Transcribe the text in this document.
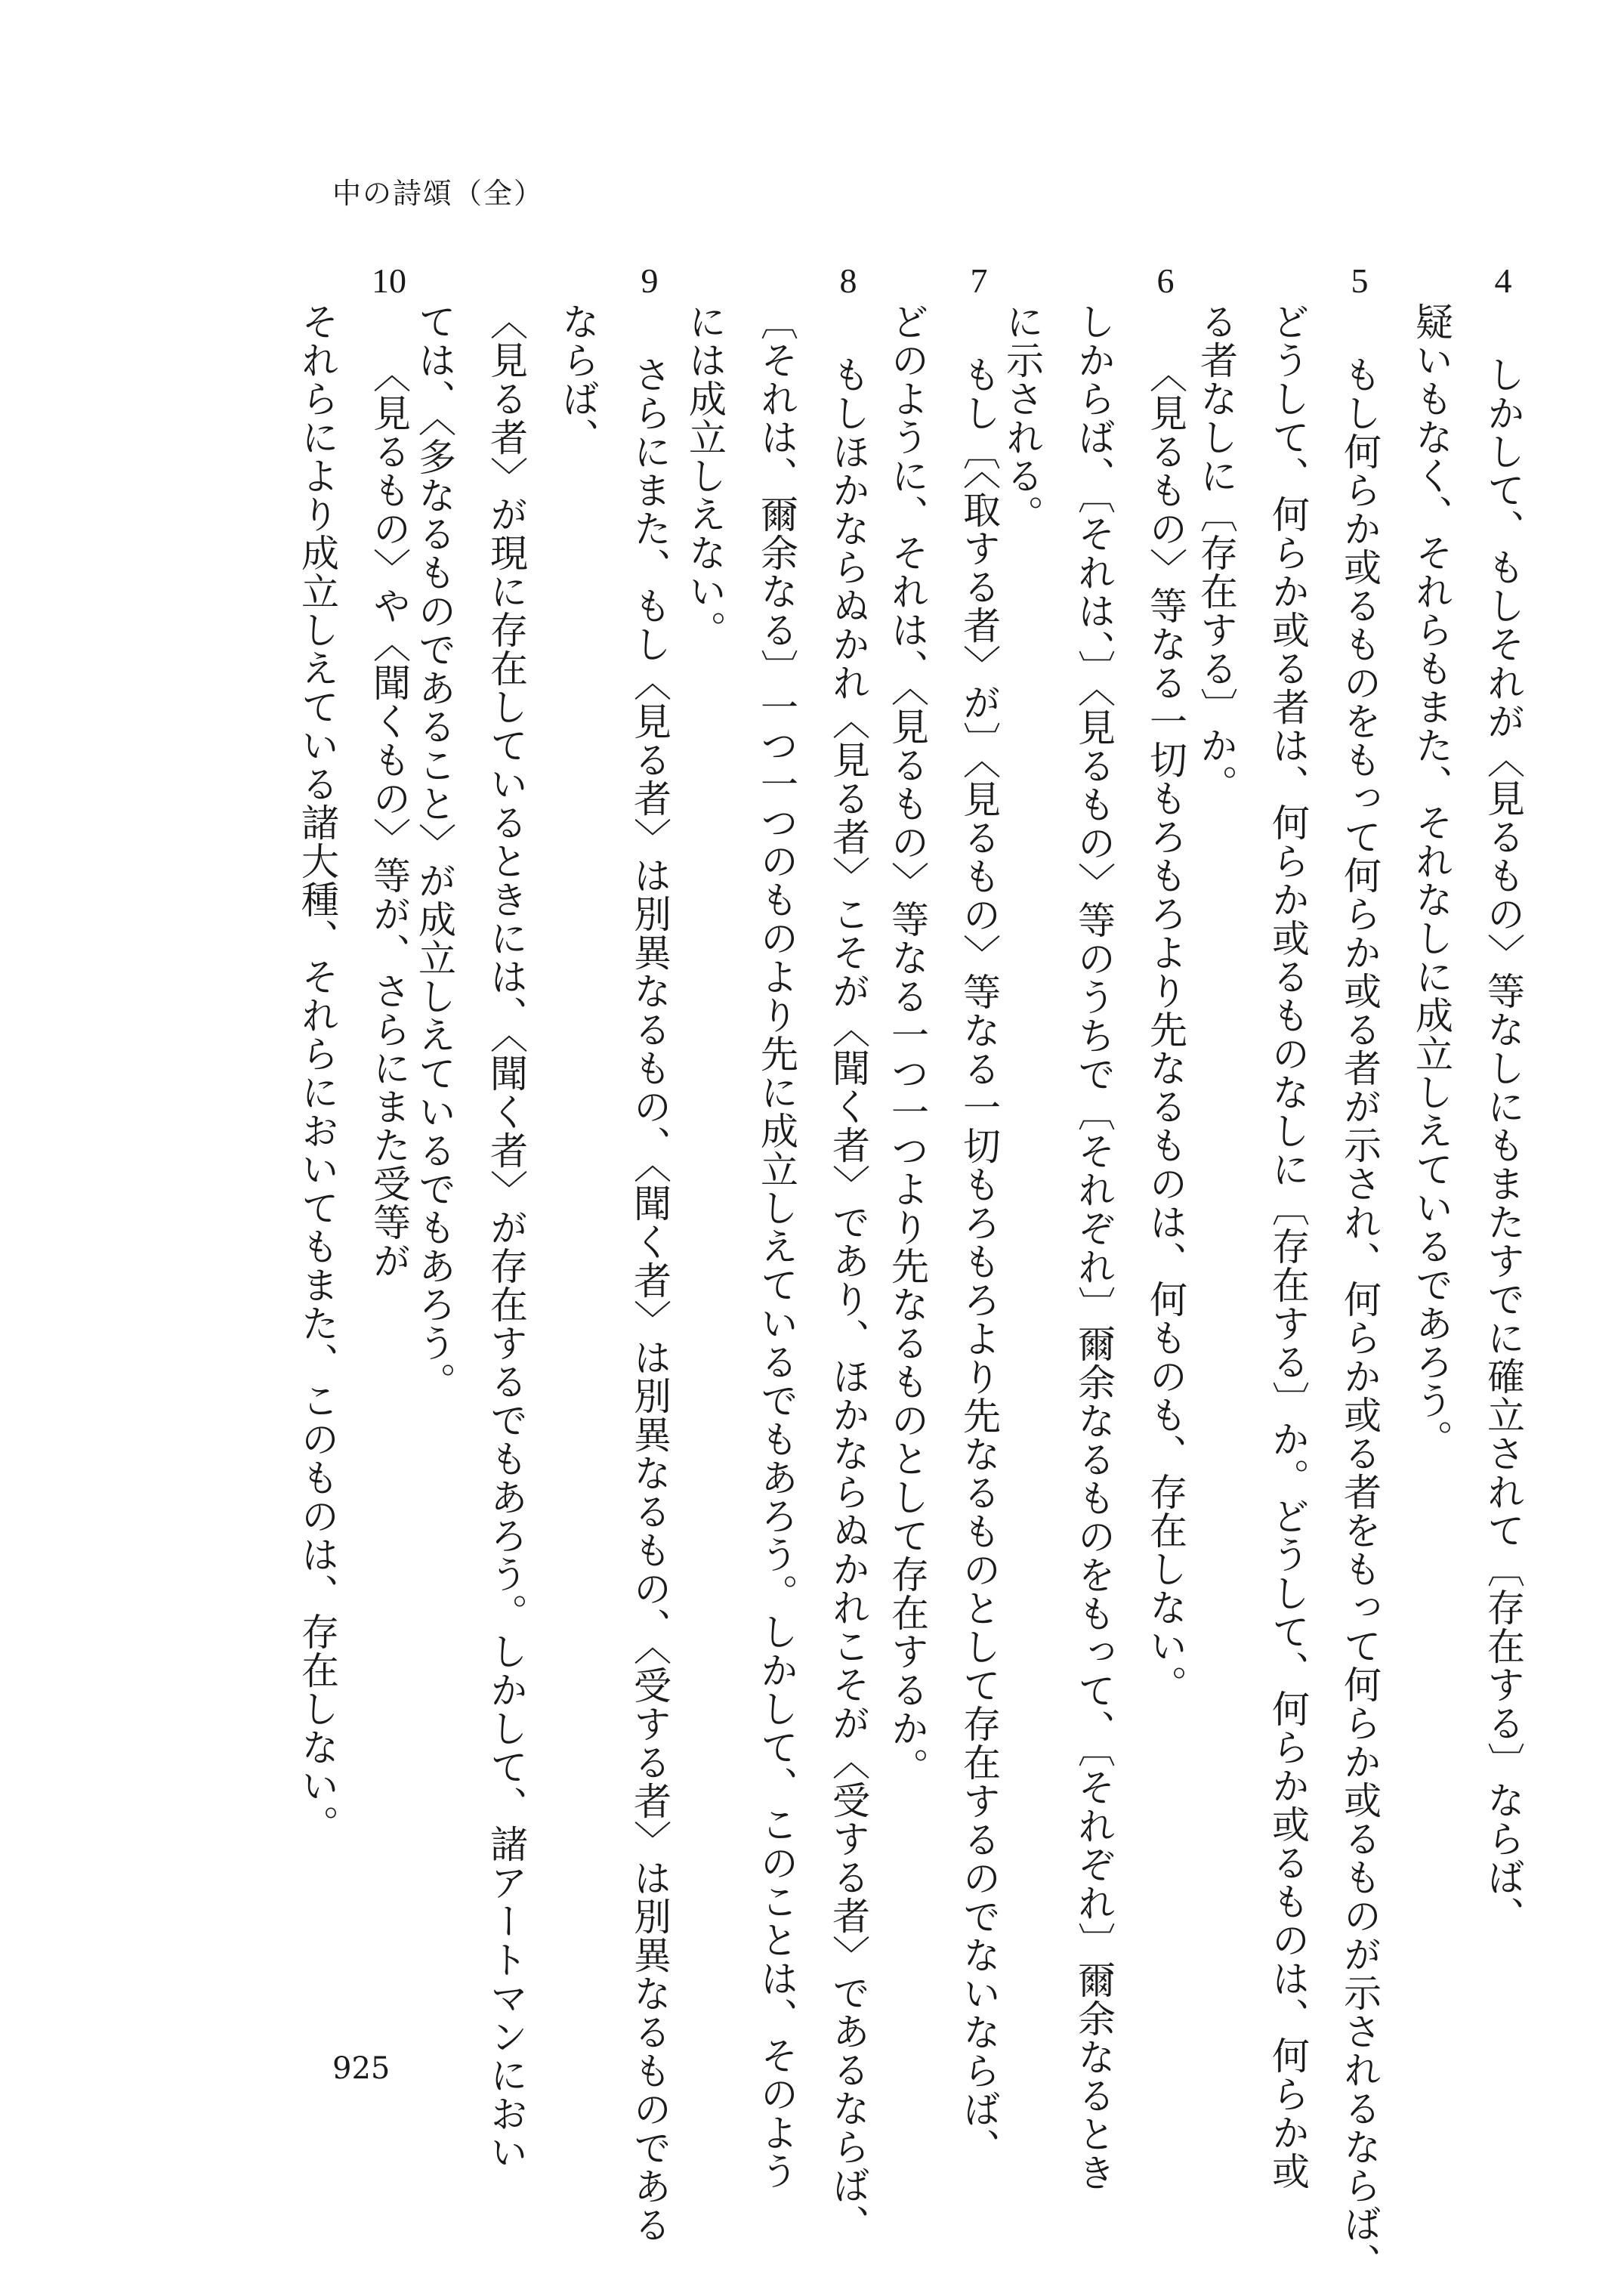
中の詩頌（全）
4
しかして、もしそれが〈見るもの〉等なしにもまたすでに確立されて〔存在する〕ならば、
疑いもなく、それらもまた、それなしに成立しえているであろう。
5
もし何らか或るものをもって何らか或る者が示され、何らか或る者をもって何らか或るものが示されるならば、
どうして、何らか或る者は、何らか或るものなしに〔存在する〕か。どうして、何らか或るものは、何らか或
る者なしに〔存在する〕か。
6
〈見るもの〉等なる一切もろもろより先なるものは、何ものも、存在しない。
しからば、〔それは、〕〈見るもの〉等のうちで〔それぞれ〕爾余なるものをもって、〔それぞれ〕爾余なるとき
に示される。
7
もし〔〈取する者〉が〕〈見るもの〉等なる一切もろもろより先なるものとして存在するのでないならば、
どのように、それは、〈見るもの〉等なる一つ一つより先なるものとして存在するか。
8
もしほかならぬかれ〈見る者〉こそが〈聞く者〉であり、ほかならぬかれこそが〈受する者〉であるならば、
〔それは、爾余なる〕一つ一つのものより先に成立しえているでもあろう。しかして、このことは、そのよう
には成立しえない。
9
さらにまた、もし〈見る者〉は別異なるもの、〈聞く者〉は別異なるもの、〈受する者〉は別異なるものである
ならば、
〈見る者〉が現に存在しているときには、〈聞く者〉が存在するでもあろう。しかして、諸アートマンにおい
ては、〈多なるものであること〉が成立しえているでもあろう。
10
〈見るもの〉や〈聞くもの〉等が、さらにまた受等が
それらにより成立しえている諸大種、それらにおいてもまた、このものは、存在しない。
925
